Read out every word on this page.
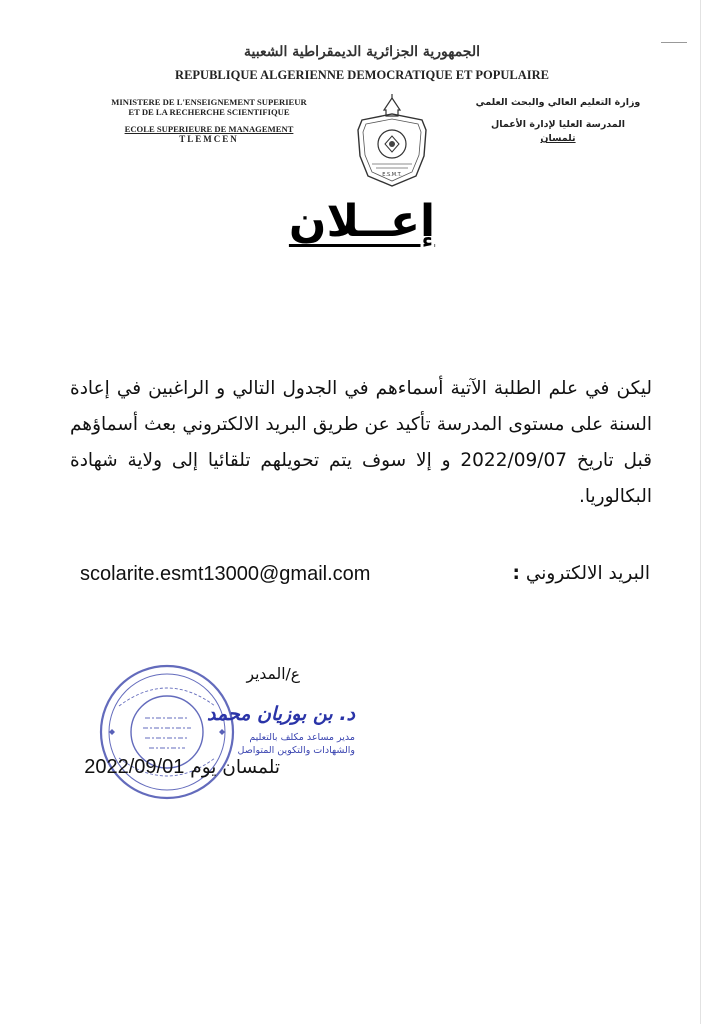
الجمهورية الجزائرية الديمقراطية الشعبية
REPUBLIQUE ALGERIENNE DEMOCRATIQUE ET POPULAIRE
MINISTERE DE L'ENSEIGNEMENT SUPERIEUR
ET DE LA RECHERCHE SCIENTIFIQUE
ECOLE SUPERIEURE DE MANAGEMENT
TLEMCEN
E.S.M.T.
وزارة التعليم العالي والبحث العلمي
المدرسة العليا لإدارة الأعمال
تلمسان
إعــلان
ليكن في علم الطلبة الآتية أسماءهم في الجدول التالي و الراغبين في إعادة السنة على مستوى المدرسة تأكيد عن طريق البريد الالكتروني بعث أسماؤهم قبل تاريخ 2022/09/07 و إلا سوف يتم تحويلهم تلقائيا إلى ولاية شهادة البكالوريا.
البريد الالكتروني :
scolarite.esmt13000@gmail.com
ع/المدير
د. بن بوزيان محمد
مدير مساعد مكلف بالتعليم
والشهادات والتكوين المتواصل
تلمسان يوم 2022/09/01
